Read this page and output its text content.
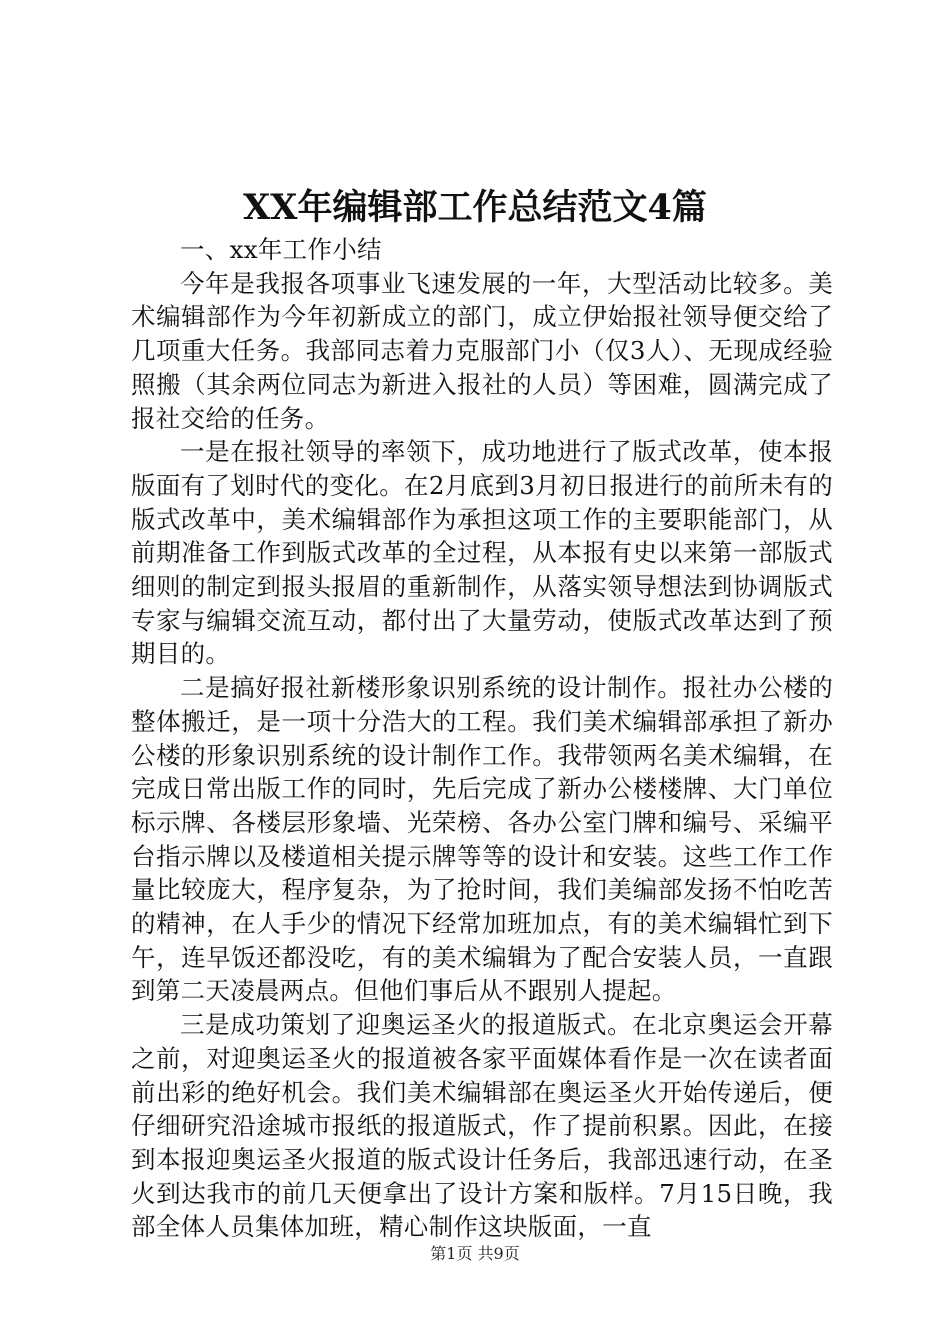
XX年编辑部工作总结范文4篇

一、xx年工作小结

今年是我报各项事业飞速发展的一年，大型活动比较多。美术编辑部作为今年初新成立的部门，成立伊始报社领导便交给了几项重大任务。我部同志着力克服部门小（仅3人）、无现成经验照搬（其余两位同志为新进入报社的人员）等困难，圆满完成了报社交给的任务。

一是在报社领导的率领下，成功地进行了版式改革，使本报版面有了划时代的变化。在2月底到3月初日报进行的前所未有的版式改革中，美术编辑部作为承担这项工作的主要职能部门，从前期准备工作到版式改革的全过程，从本报有史以来第一部版式细则的制定到报头报眉的重新制作，从落实领导想法到协调版式专家与编辑交流互动，都付出了大量劳动，使版式改革达到了预期目的。

二是搞好报社新楼形象识别系统的设计制作。报社办公楼的整体搬迁，是一项十分浩大的工程。我们美术编辑部承担了新办公楼的形象识别系统的设计制作工作。我带领两名美术编辑，在完成日常出版工作的同时，先后完成了新办公楼楼牌、大门单位标示牌、各楼层形象墙、光荣榜、各办公室门牌和编号、采编平台指示牌以及楼道相关提示牌等等的设计和安装。这些工作工作量比较庞大，程序复杂，为了抢时间，我们美编部发扬不怕吃苦的精神，在人手少的情况下经常加班加点，有的美术编辑忙到下午，连早饭还都没吃，有的美术编辑为了配合安装人员，一直跟到第二天凌晨两点。但他们事后从不跟别人提起。

三是成功策划了迎奥运圣火的报道版式。在北京奥运会开幕之前，对迎奥运圣火的报道被各家平面媒体看作是一次在读者面前出彩的绝好机会。我们美术编辑部在奥运圣火开始传递后，便仔细研究沿途城市报纸的报道版式，作了提前积累。因此，在接到本报迎奥运圣火报道的版式设计任务后，我部迅速行动，在圣火到达我市的前几天便拿出了设计方案和版样。7月15日晚，我部全体人员集体加班，精心制作这块版面，一直

第1页 共9页
